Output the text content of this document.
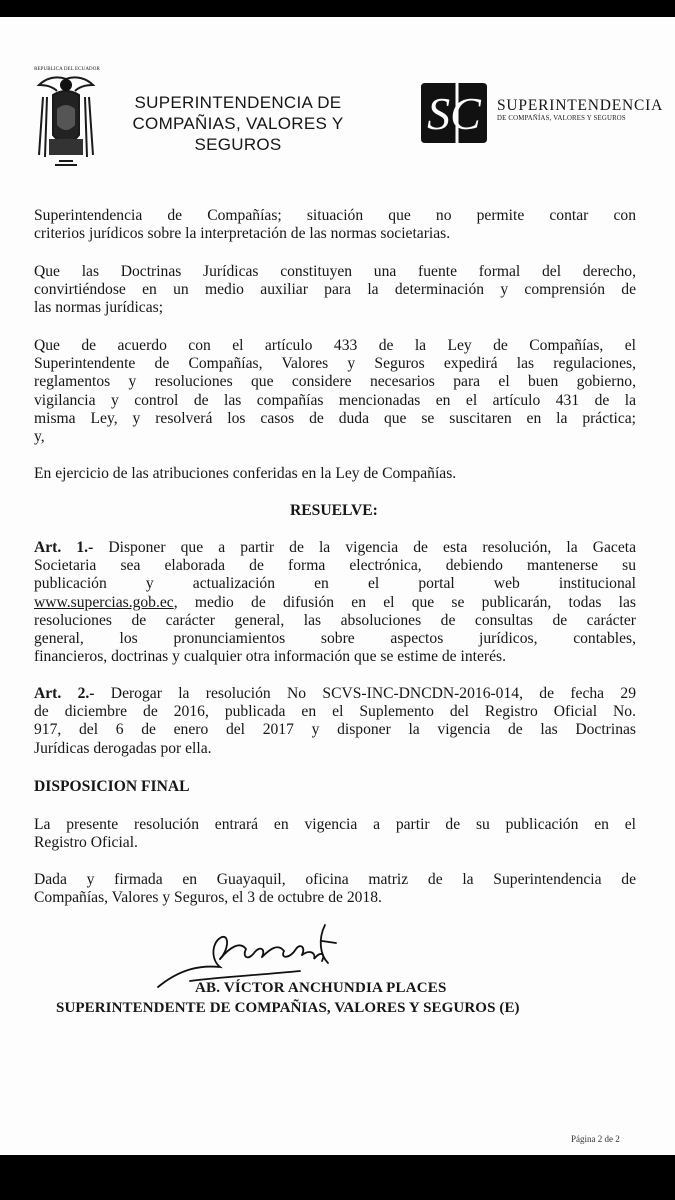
REPUBLICA DEL ECUADOR
SUPERINTENDENCIA DE
COMPAÑIAS, VALORES Y
SEGUROS
SC SUPERINTENDENCIA
DE COMPAÑÍAS, VALORES Y SEGUROS
Superintendencia de Compañías; situación que no permite contar con
criterios jurídicos sobre la interpretación de las normas societarias.
Que las Doctrinas Jurídicas constituyen una fuente formal del derecho,
convirtiéndose en un medio auxiliar para la determinación y comprensión de
las normas jurídicas;
Que de acuerdo con el artículo 433 de la Ley de Compañías, el
Superintendente de Compañías, Valores y Seguros expedirá las regulaciones,
reglamentos y resoluciones que considere necesarios para el buen gobierno,
vigilancia y control de las compañías mencionadas en el artículo 431 de la
misma Ley, y resolverá los casos de duda que se suscitaren en la práctica;
y,
En ejercicio de las atribuciones conferidas en la Ley de Compañías.
RESUELVE:
Art. 1.- Disponer que a partir de la vigencia de esta resolución, la Gaceta
Societaria sea elaborada de forma electrónica, debiendo mantenerse su
publicación y actualización en el portal web institucional
www.supercias.gob.ec, medio de difusión en el que se publicarán, todas las
resoluciones de carácter general, las absoluciones de consultas de carácter
general, los pronunciamientos sobre aspectos jurídicos, contables,
financieros, doctrinas y cualquier otra información que se estime de interés.
Art. 2.- Derogar la resolución No SCVS-INC-DNCDN-2016-014, de fecha 29
de diciembre de 2016, publicada en el Suplemento del Registro Oficial No.
917, del 6 de enero del 2017 y disponer la vigencia de las Doctrinas
Jurídicas derogadas por ella.
DISPOSICION FINAL
La presente resolución entrará en vigencia a partir de su publicación en el
Registro Oficial.
Dada y firmada en Guayaquil, oficina matriz de la Superintendencia de
Compañías, Valores y Seguros, el 3 de octubre de 2018.
AB. VÍCTOR ANCHUNDIA PLACES
SUPERINTENDENTE DE COMPAÑIAS, VALORES Y SEGUROS (E)
Página 2 de 2
